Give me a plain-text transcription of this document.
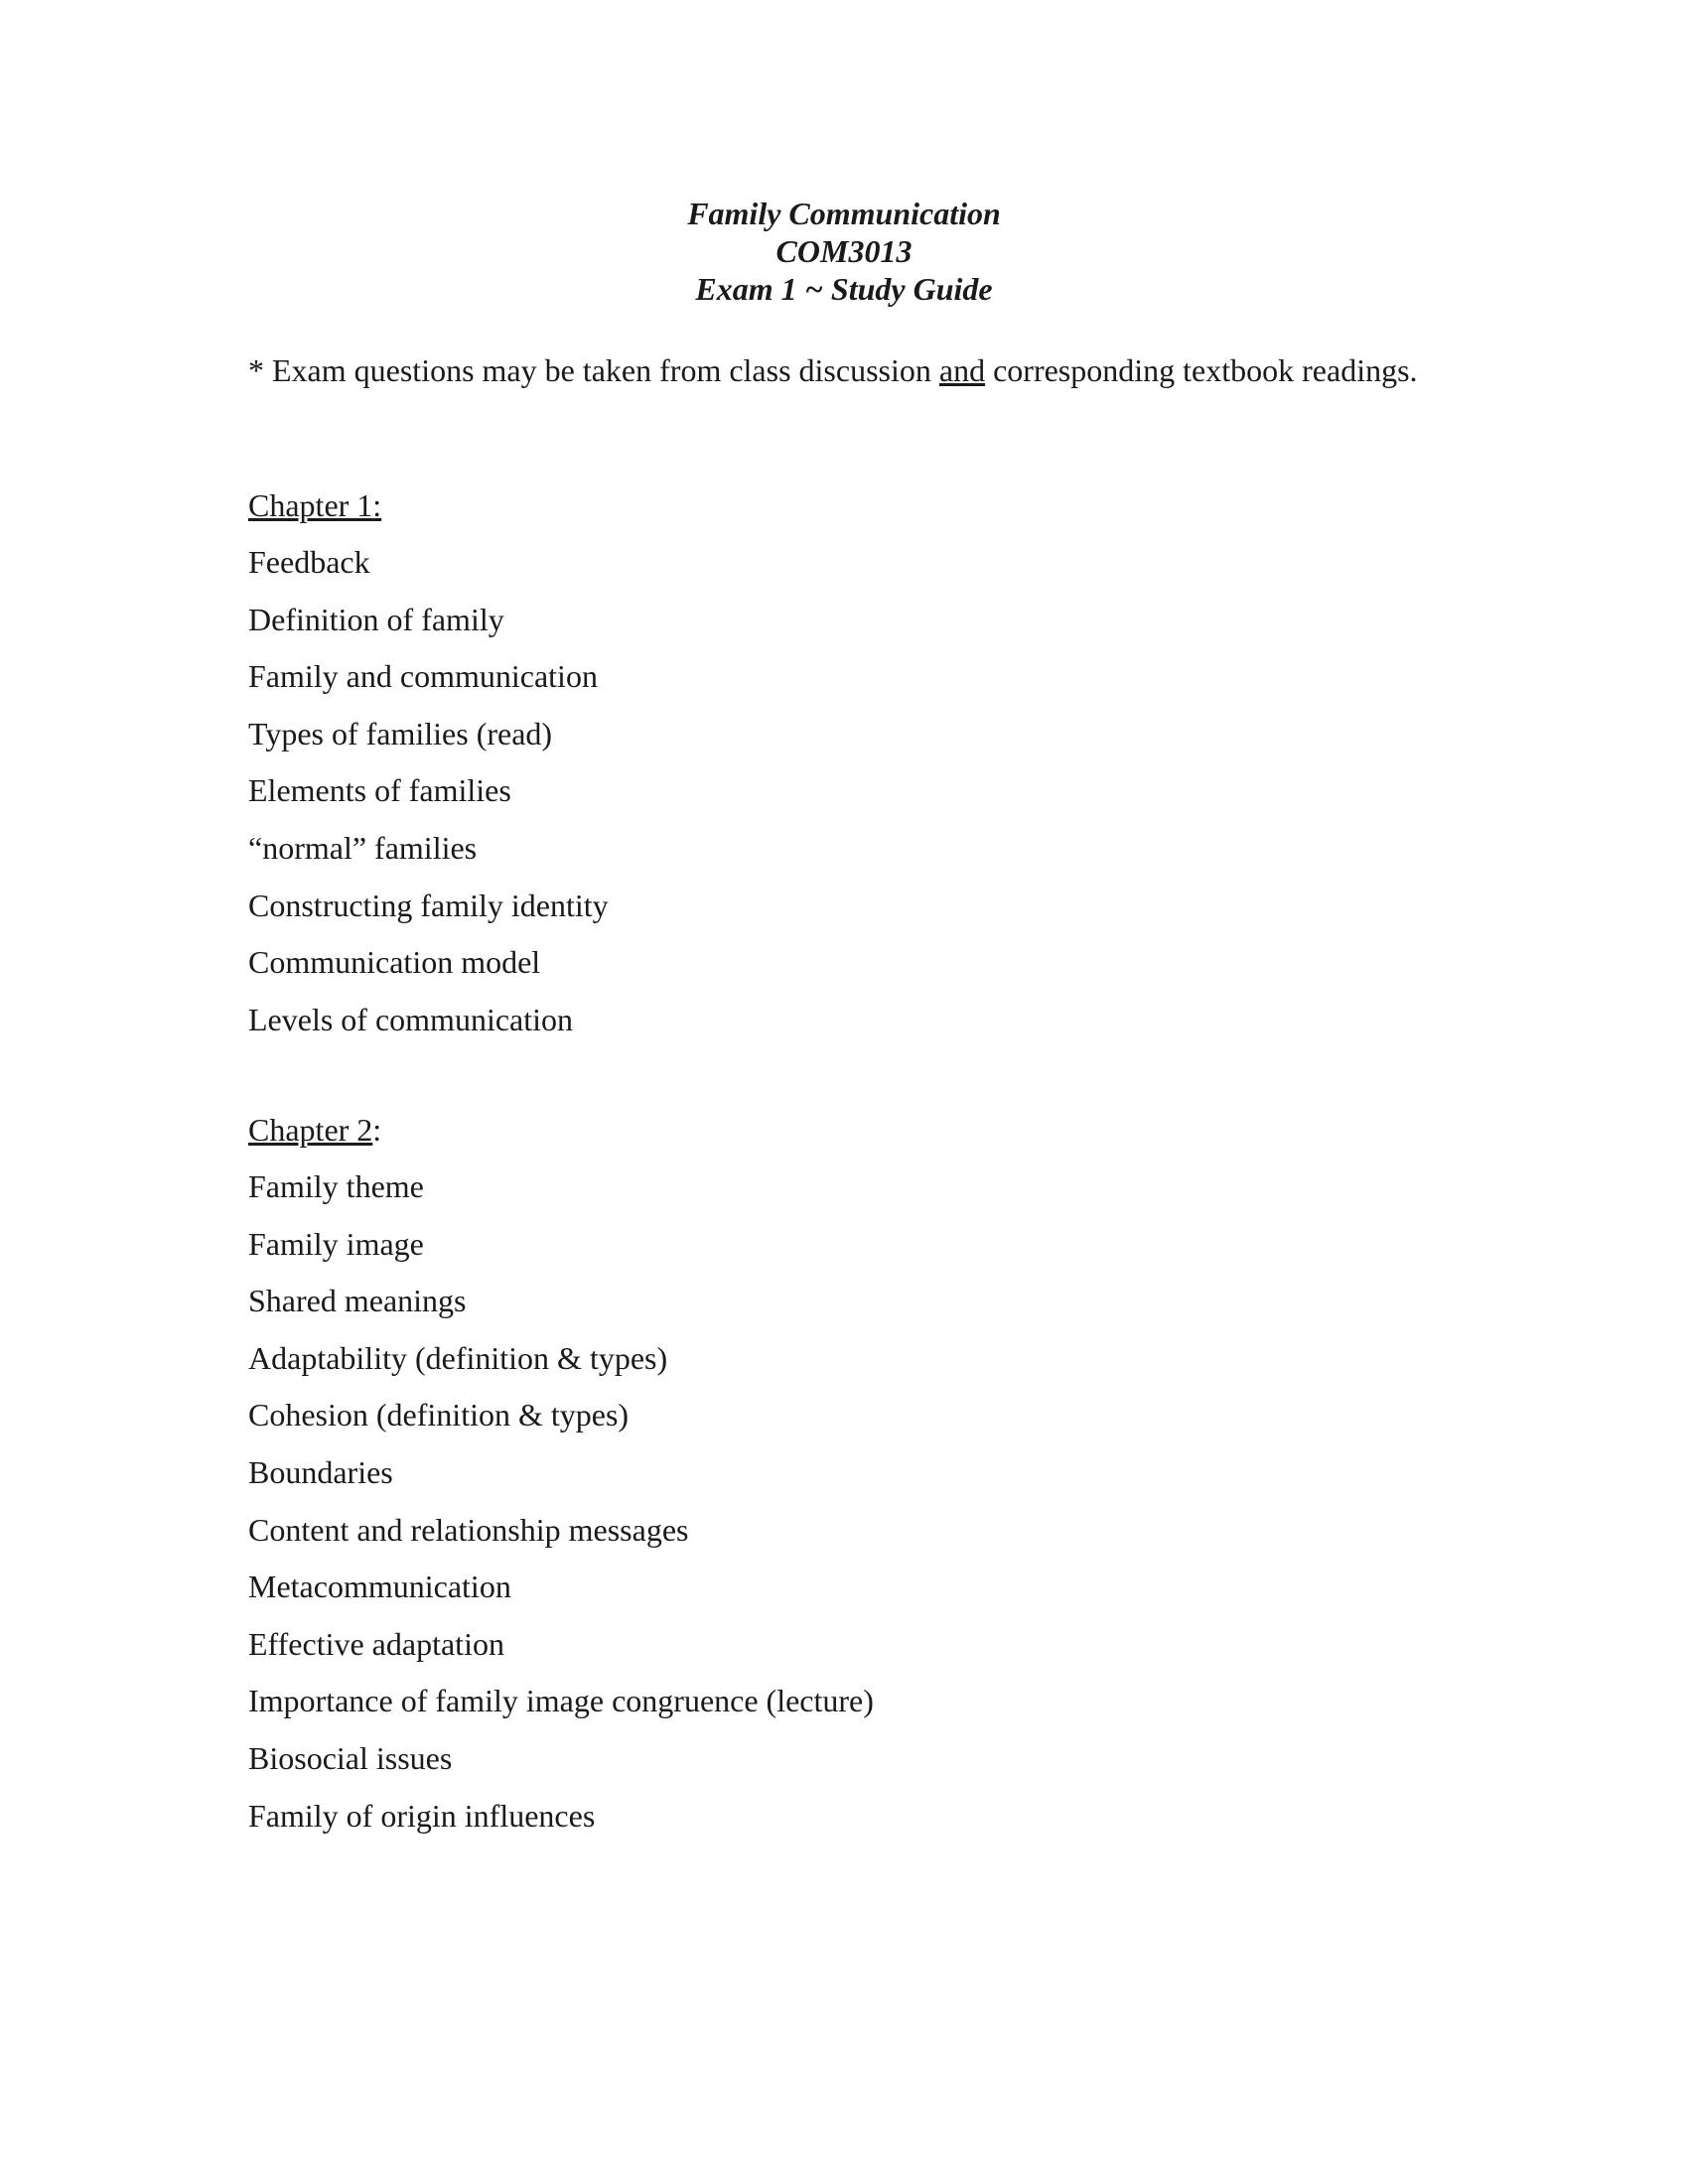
Family Communication
COM3013
Exam 1 ~ Study Guide
* Exam questions may be taken from class discussion and corresponding textbook readings.
Chapter 1:
Feedback
Definition of family
Family and communication
Types of families (read)
Elements of families
“normal” families
Constructing family identity
Communication model
Levels of communication
Chapter 2:
Family theme
Family image
Shared meanings
Adaptability (definition & types)
Cohesion (definition & types)
Boundaries
Content and relationship messages
Metacommunication
Effective adaptation
Importance of family image congruence (lecture)
Biosocial issues
Family of origin influences
